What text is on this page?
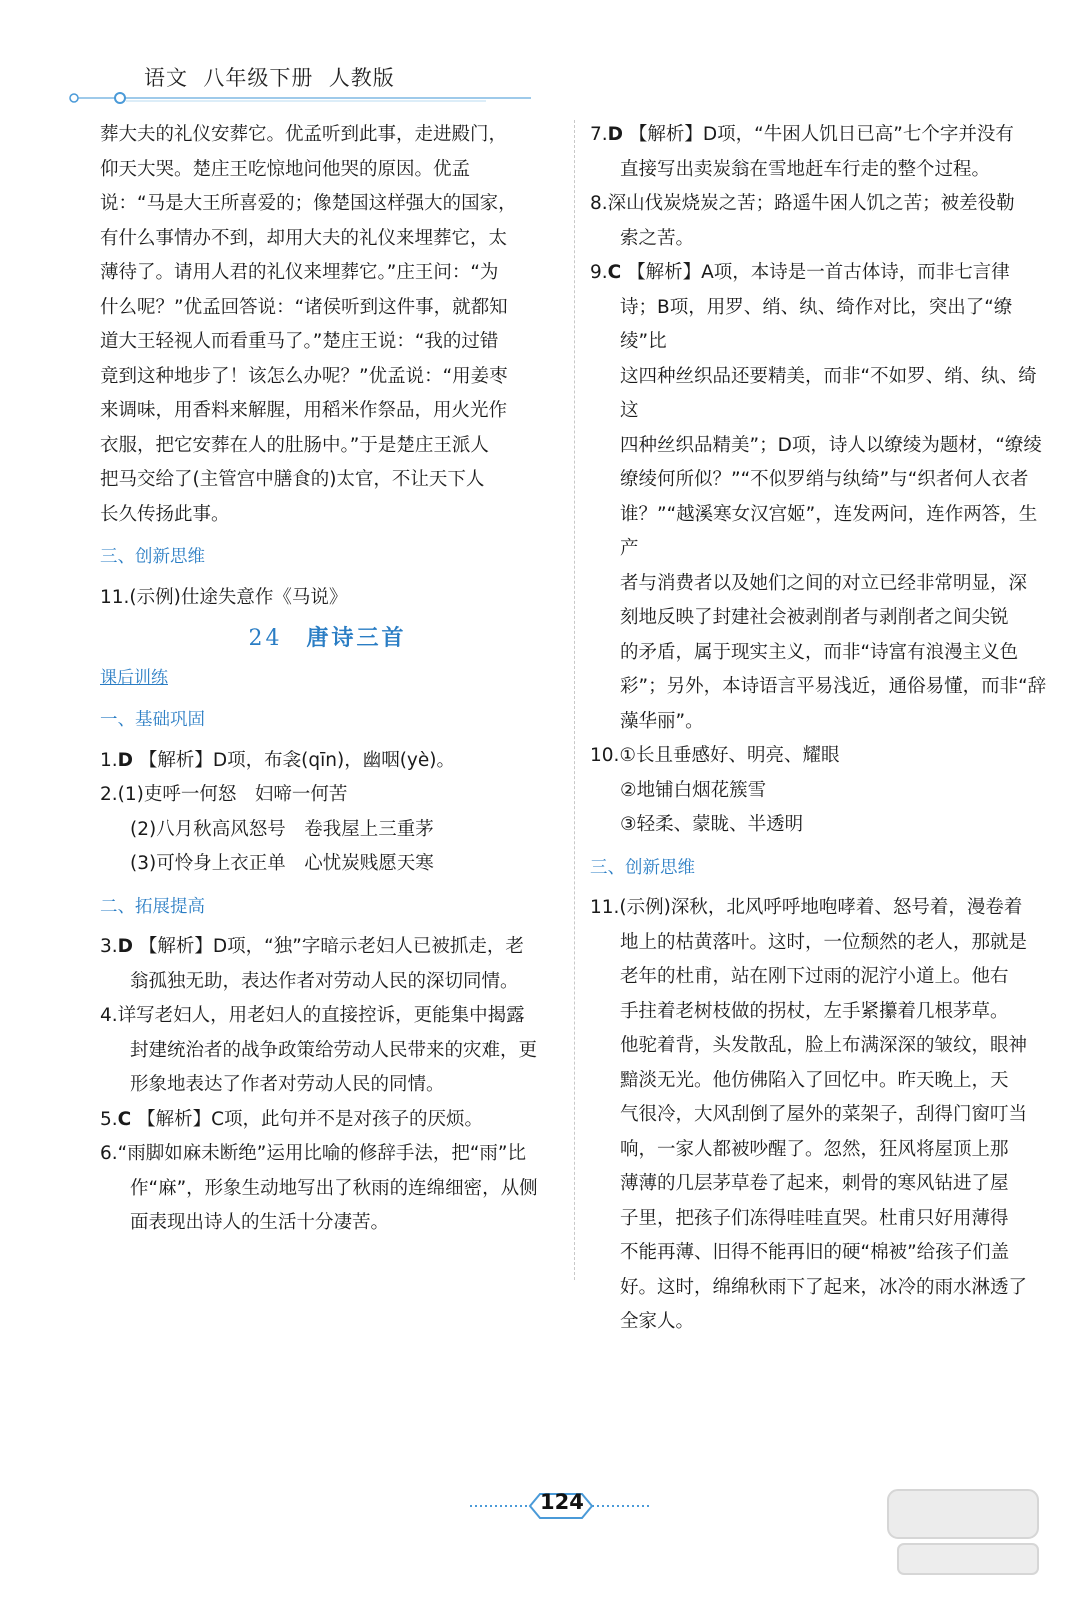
语文  八年级下册  人教版

葬大夫的礼仪安葬它。优孟听到此事，走进殿门，

仰天大哭。楚庄王吃惊地问他哭的原因。优孟

说：“马是大王所喜爱的；像楚国这样强大的国家，

有什么事情办不到，却用大夫的礼仪来埋葬它，太

薄待了。请用人君的礼仪来埋葬它。”庄王问：“为

什么呢？”优孟回答说：“诸侯听到这件事，就都知

道大王轻视人而看重马了。”楚庄王说：“我的过错

竟到这种地步了！该怎么办呢？”优孟说：“用姜枣

来调味，用香料来解腥，用稻米作祭品，用火光作

衣服，把它安葬在人的肚肠中。”于是楚庄王派人

把马交给了(主管宫中膳食的)太官，不让天下人

长久传扬此事。

三、创新思维

11.(示例)仕途失意作《马说》

24 唐诗三首
课后训练
一、基础巩固

1.D 【解析】D项，布衾(qīn)，幽咽(yè)。

2.(1)吏呼一何怒　妇啼一何苦

(2)八月秋高风怒号　卷我屋上三重茅

(3)可怜身上衣正单　心忧炭贱愿天寒

二、拓展提高

3.D 【解析】D项，“独”字暗示老妇人已被抓走，老

翁孤独无助，表达作者对劳动人民的深切同情。

4.详写老妇人，用老妇人的直接控诉，更能集中揭露

封建统治者的战争政策给劳动人民带来的灾难，更

形象地表达了作者对劳动人民的同情。

5.C 【解析】C项，此句并不是对孩子的厌烦。

6.“雨脚如麻未断绝”运用比喻的修辞手法，把“雨”比

作“麻”，形象生动地写出了秋雨的连绵细密，从侧

面表现出诗人的生活十分凄苦。

7.D 【解析】D项，“牛困人饥日已高”七个字并没有

直接写出卖炭翁在雪地赶车行走的整个过程。

8.深山伐炭烧炭之苦；路遥牛困人饥之苦；被差役勒

索之苦。

9.C 【解析】A项，本诗是一首古体诗，而非七言律

诗；B项，用罗、绡、纨、绮作对比，突出了“缭绫”比

这四种丝织品还要精美，而非“不如罗、绡、纨、绮这

四种丝织品精美”；D项，诗人以缭绫为题材，“缭绫

缭绫何所似？”“不似罗绡与纨绮”与“织者何人衣者

谁？”“越溪寒女汉宫姬”，连发两问，连作两答，生产

者与消费者以及她们之间的对立已经非常明显，深

刻地反映了封建社会被剥削者与剥削者之间尖锐

的矛盾，属于现实主义，而非“诗富有浪漫主义色

彩”；另外，本诗语言平易浅近，通俗易懂，而非“辞

藻华丽”。

10.①长且垂感好、明亮、耀眼

②地铺白烟花簇雪

③轻柔、蒙眬、半透明

三、创新思维

11.(示例)深秋，北风呼呼地咆哮着、怒号着，漫卷着

地上的枯黄落叶。这时，一位颓然的老人，那就是

老年的杜甫，站在刚下过雨的泥泞小道上。他右

手拄着老树枝做的拐杖，左手紧攥着几根茅草。

他驼着背，头发散乱，脸上布满深深的皱纹，眼神

黯淡无光。他仿佛陷入了回忆中。昨天晚上，天

气很冷，大风刮倒了屋外的菜架子，刮得门窗叮当

响，一家人都被吵醒了。忽然，狂风将屋顶上那

薄薄的几层茅草卷了起来，刺骨的寒风钻进了屋

子里，把孩子们冻得哇哇直哭。杜甫只好用薄得

不能再薄、旧得不能再旧的硬“棉被”给孩子们盖

好。这时，绵绵秋雨下了起来，冰冷的雨水淋透了

全家人。

124
